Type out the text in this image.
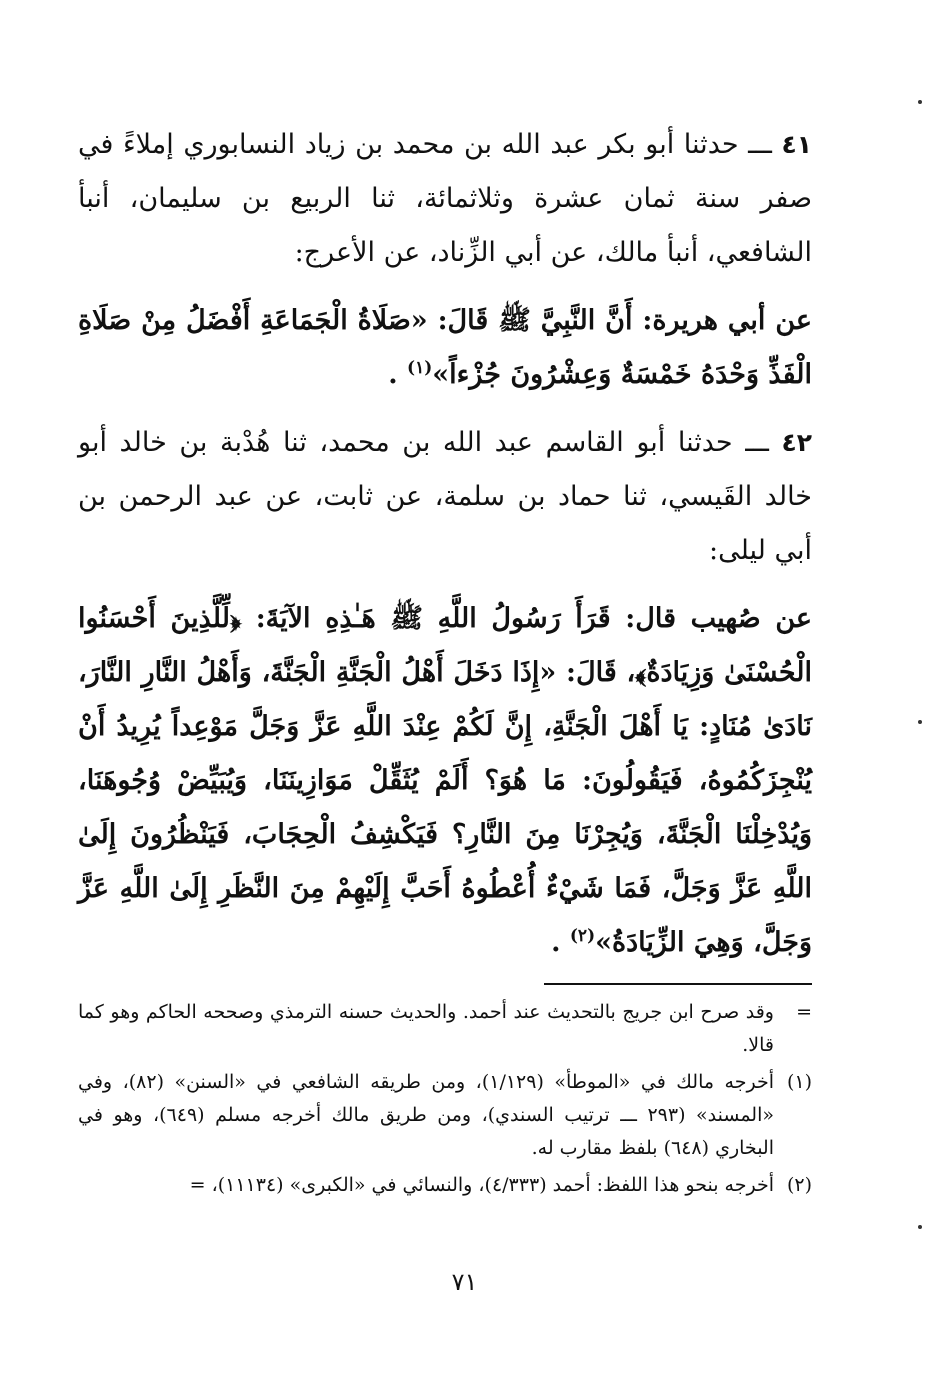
٤١ ـــ حدثنا أبو بكر عبد الله بن محمد بن زياد النسابوري إملاءً في صفر سنة ثمان عشرة وثلاثمائة، ثنا الربيع بن سليمان، أنبأ الشافعي، أنبأ مالك، عن أبي الزِّناد، عن الأعرج:

عن أبي هريرة: أَنَّ النَّبِيَّ ﷺ قَالَ: «صَلَاةُ الْجَمَاعَةِ أَفْضَلُ مِنْ صَلَاةِ الْفَذِّ وَحْدَهُ خَمْسَةٌ وَعِشْرُونَ جُزْءاً»$^{(١)}$ .

٤٢ ـــ حدثنا أبو القاسم عبد الله بن محمد، ثنا هُدْبة بن خالد أبو خالد القَيسي، ثنا حماد بن سلمة، عن ثابت، عن عبد الرحمن بن أبي ليلى:

عن صُهيب قال: قَرَأَ رَسُولُ اللَّهِ ﷺ هَـٰذِهِ الآيَةَ: ﴿لِّلَّذِينَ أَحْسَنُوا الْحُسْنَىٰ وَزِيَادَةٌ﴾، قَالَ: «إِذَا دَخَلَ أَهْلُ الْجَنَّةِ الْجَنَّةَ، وَأَهْلُ النَّارِ النَّارَ، نَادَىٰ مُنَادٍ: يَا أَهْلَ الْجَنَّةِ، إِنَّ لَكُمْ عِنْدَ اللَّهِ عَزَّ وَجَلَّ مَوْعِداً يُرِيدُ أَنْ يُنْجِزَكُمُوهُ، فَيَقُولُونَ: مَا هُوَ؟ أَلَمْ يُثَقِّلْ مَوَازِينَنَا، وَيُبَيِّضْ وُجُوهَنَا، وَيُدْخِلْنَا الْجَنَّةَ، وَيُجِرْنَا مِنَ النَّارِ؟ فَيَكْشِفُ الْحِجَابَ، فَيَنْظُرُونَ إِلَىٰ اللَّهِ عَزَّ وَجَلَّ، فَمَا شَيْءٌ أُعْطُوهُ أَحَبَّ إِلَيْهِمْ مِنَ النَّظَرِ إِلَىٰ اللَّهِ عَزَّ وَجَلَّ، وَهِيَ الزِّيَادَةُ»$^{(٢)}$ .

=
وقد صرح ابن جريج بالتحديث عند أحمد. والحديث حسنه الترمذي وصححه الحاكم وهو كما قالا.
(١)
أخرجه مالك في «الموطأ» (١/١٢٩)، ومن طريقه الشافعي في «السنن» (٨٢)، وفي «المسند» (٢٩٣ ـــ ترتيب السندي)، ومن طريق مالك أخرجه مسلم (٦٤٩)، وهو في البخاري (٦٤٨) بلفظ مقارب له.
(٢)
أخرجه بنحو هذا اللفظ: أحمد (٤/٣٣٣)، والنسائي في «الكبرى» (١١١٣٤)، =
٧١
